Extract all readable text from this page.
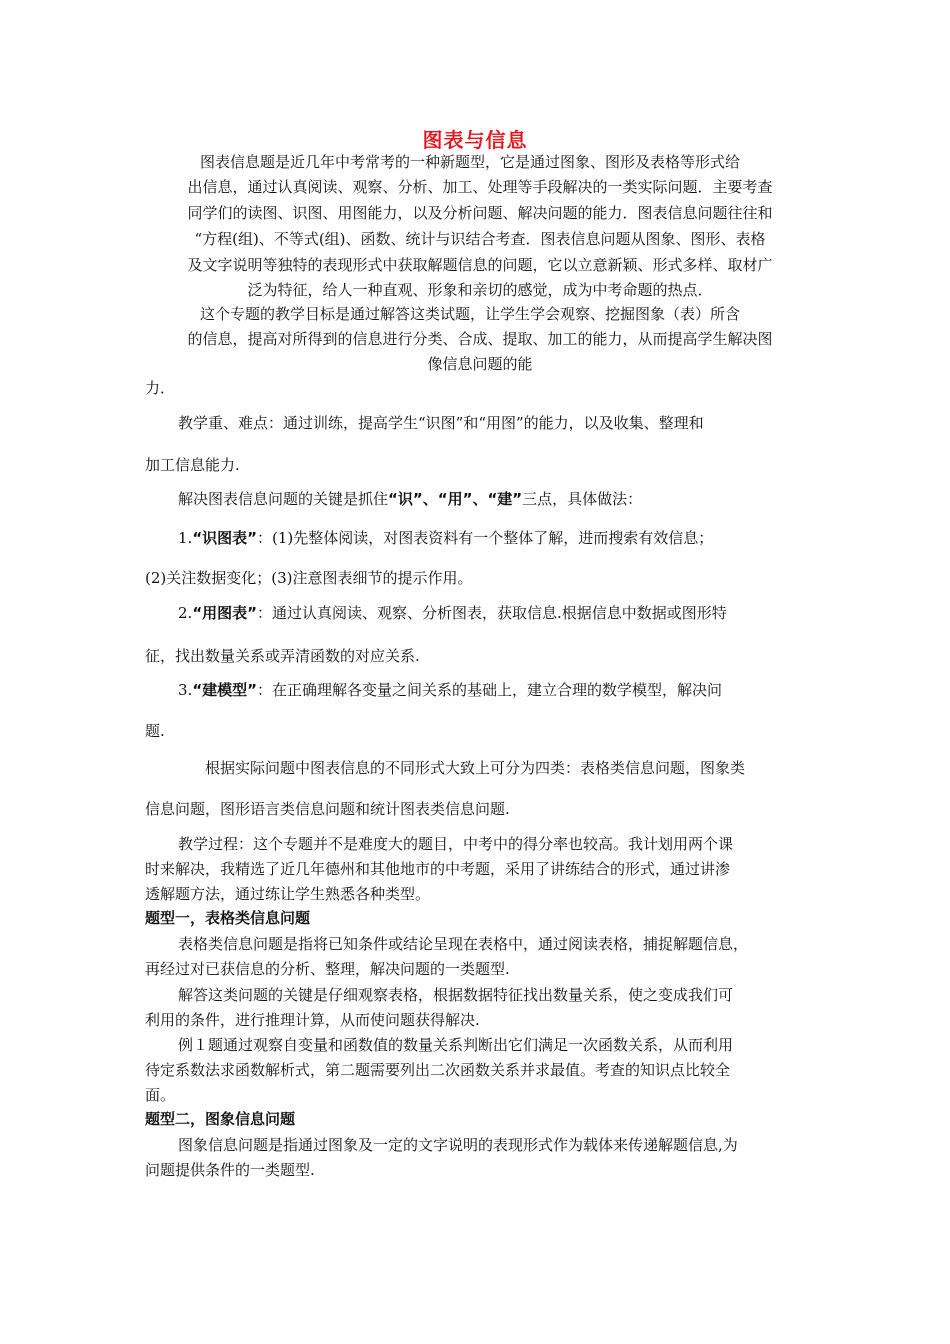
图表与信息
图表信息题是近几年中考常考的一种新题型，它是通过图象、图形及表格等形式给
出信息，通过认真阅读、观察、分析、加工、处理等手段解决的一类实际问题．主要考查
同学们的读图、识图、用图能力，以及分析问题、解决问题的能力．图表信息问题往往和
“方程(组)、不等式(组)、函数、统计与识结合考查．图表信息问题从图象、图形、表格
及文字说明等独特的表现形式中获取解题信息的问题，它以立意新颖、形式多样、取材广
泛为特征，给人一种直观、形象和亲切的感觉，成为中考命题的热点．
这个专题的教学目标是通过解答这类试题，让学生学会观察、挖掘图象（表）所含
的信息，提高对所得到的信息进行分类、合成、提取、加工的能力，从而提高学生解决图
像信息问题的能
力．
教学重、难点：通过训练，提高学生“识图”和“用图”的能力，以及收集、整理和
加工信息能力.
解决图表信息问题的关键是抓住“识”、“用”、“建”三点，具体做法：
1.“识图表”：(1)先整体阅读，对图表资料有一个整体了解，进而搜索有效信息；
(2)关注数据变化；(3)注意图表细节的提示作用。
2.“用图表”：通过认真阅读、观察、分析图表，获取信息.根据信息中数据或图形特
征，找出数量关系或弄清函数的对应关系.
3.“建模型”：在正确理解各变量之间关系的基础上，建立合理的数学模型，解决问
题.
根据实际问题中图表信息的不同形式大致上可分为四类：表格类信息问题，图象类
信息问题，图形语言类信息问题和统计图表类信息问题.
教学过程：这个专题并不是难度大的题目，中考中的得分率也较高。我计划用两个课
时来解决，我精选了近几年德州和其他地市的中考题，采用了讲练结合的形式，通过讲渗
透解题方法，通过练让学生熟悉各种类型。
题型一，表格类信息问题
表格类信息问题是指将已知条件或结论呈现在表格中，通过阅读表格，捕捉解题信息，
再经过对已获信息的分析、整理，解决问题的一类题型.
解答这类问题的关键是仔细观察表格，根据数据特征找出数量关系，使之变成我们可
利用的条件，进行推理计算，从而使问题获得解决.
例１题通过观察自变量和函数值的数量关系判断出它们满足一次函数关系，从而利用
待定系数法求函数解析式，第二题需要列出二次函数关系并求最值。考查的知识点比较全
面。
题型二，图象信息问题
图象信息问题是指通过图象及一定的文字说明的表现形式作为载体来传递解题信息,为
问题提供条件的一类题型.
